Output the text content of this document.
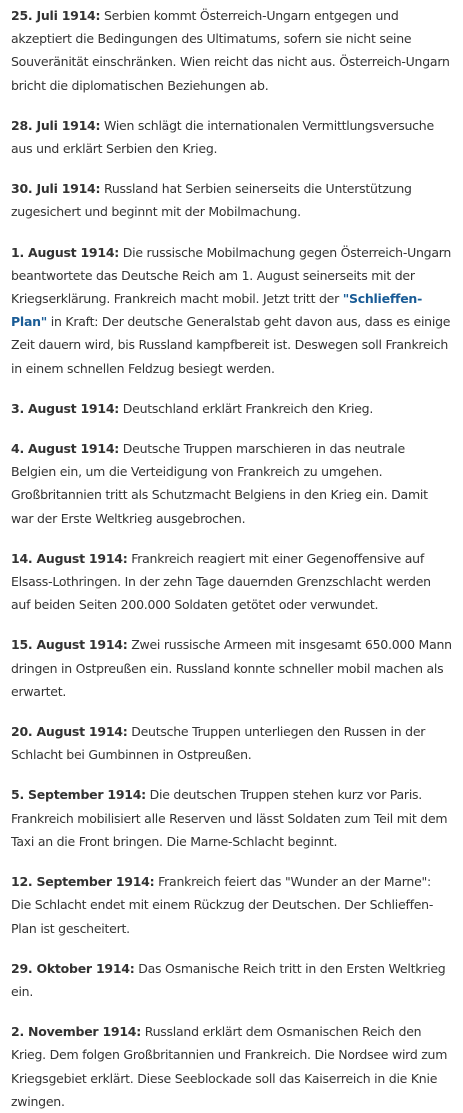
25. Juli 1914: Serbien kommt Österreich-Ungarn entgegen und akzeptiert die Bedingungen des Ultimatums, sofern sie nicht seine Souveränität einschränken. Wien reicht das nicht aus. Österreich-Ungarn bricht die diplomatischen Beziehungen ab.

28. Juli 1914: Wien schlägt die internationalen Vermittlungsversuche aus und erklärt Serbien den Krieg.

30. Juli 1914: Russland hat Serbien seinerseits die Unterstützung zugesichert und beginnt mit der Mobilmachung.

1. August 1914: Die russische Mobilmachung gegen Österreich-Ungarn beantwortete das Deutsche Reich am 1. August seinerseits mit der Kriegserklärung. Frankreich macht mobil. Jetzt tritt der "Schlieffen-Plan" in Kraft: Der deutsche Generalstab geht davon aus, dass es einige Zeit dauern wird, bis Russland kampfbereit ist. Deswegen soll Frankreich in einem schnellen Feldzug besiegt werden.

3. August 1914: Deutschland erklärt Frankreich den Krieg.

4. August 1914: Deutsche Truppen marschieren in das neutrale Belgien ein, um die Verteidigung von Frankreich zu umgehen. Großbritannien tritt als Schutzmacht Belgiens in den Krieg ein. Damit war der Erste Weltkrieg ausgebrochen.

14. August 1914: Frankreich reagiert mit einer Gegenoffensive auf Elsass-Lothringen. In der zehn Tage dauernden Grenzschlacht werden auf beiden Seiten 200.000 Soldaten getötet oder verwundet.

15. August 1914: Zwei russische Armeen mit insgesamt 650.000 Mann dringen in Ostpreußen ein. Russland konnte schneller mobil machen als erwartet.

20. August 1914: Deutsche Truppen unterliegen den Russen in der Schlacht bei Gumbinnen in Ostpreußen.

5. September 1914: Die deutschen Truppen stehen kurz vor Paris. Frankreich mobilisiert alle Reserven und lässt Soldaten zum Teil mit dem Taxi an die Front bringen. Die Marne-Schlacht beginnt.

12. September 1914: Frankreich feiert das "Wunder an der Marne": Die Schlacht endet mit einem Rückzug der Deutschen. Der Schlieffen-Plan ist gescheitert.

29. Oktober 1914: Das Osmanische Reich tritt in den Ersten Weltkrieg ein.

2. November 1914: Russland erklärt dem Osmanischen Reich den Krieg. Dem folgen Großbritannien und Frankreich. Die Nordsee wird zum Kriegsgebiet erklärt. Diese Seeblockade soll das Kaiserreich in die Knie zwingen.
